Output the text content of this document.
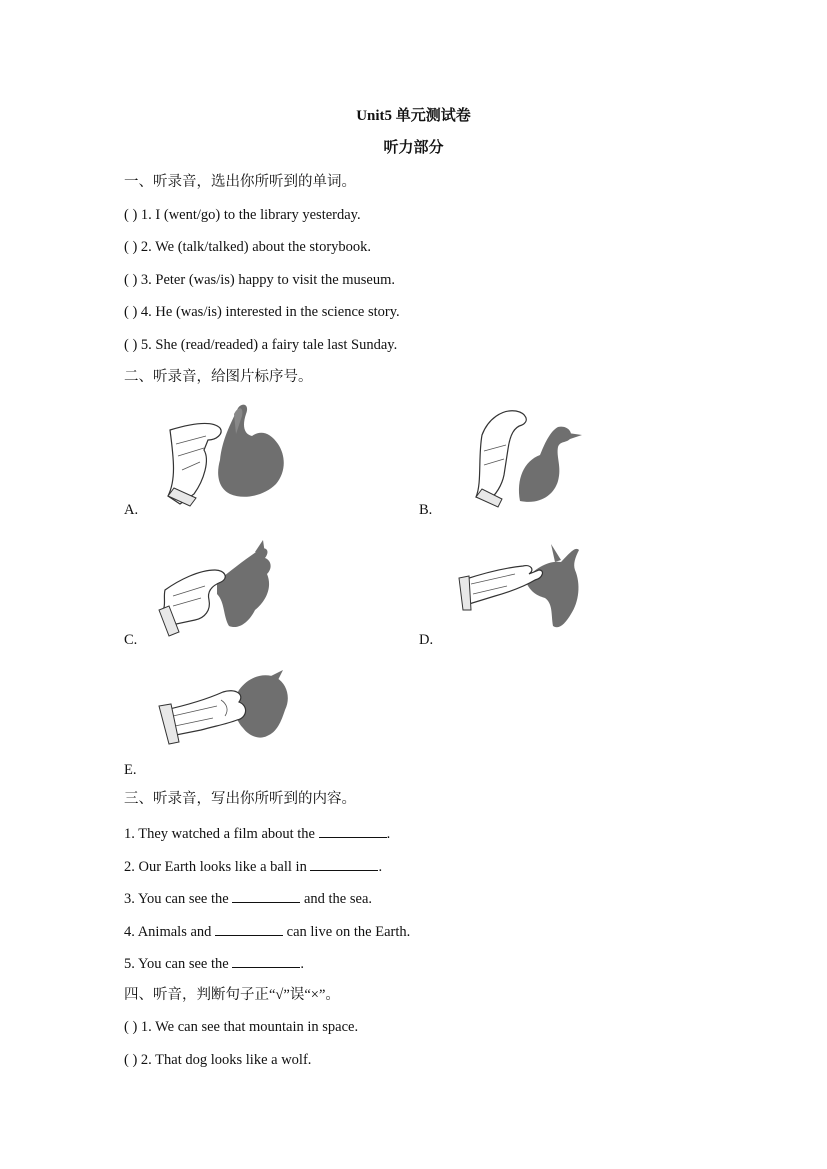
Unit5 单元测试卷
听力部分
一、听录音，选出你所听到的单词。
( ) 1. I (went/go) to the library yesterday.
( ) 2. We (talk/talked) about the storybook.
( ) 3. Peter (was/is) happy to visit the museum.
( ) 4. He (was/is) interested in the science story.
( ) 5. She (read/readed) a fairy tale last Sunday.
二、听录音，给图片标序号。
A.	B.
C.	D.
E.
三、听录音，写出你所听到的内容。
1. They watched a film about the	.
2. Our Earth looks like a ball in	.
3. You can see the	and the sea.
4. Animals and	can live on the Earth.
5. You can see the	.
四、听音，判断句子正“√”误“×”。
( ) 1. We can see that mountain in space.
( ) 2. That dog looks like a wolf.
